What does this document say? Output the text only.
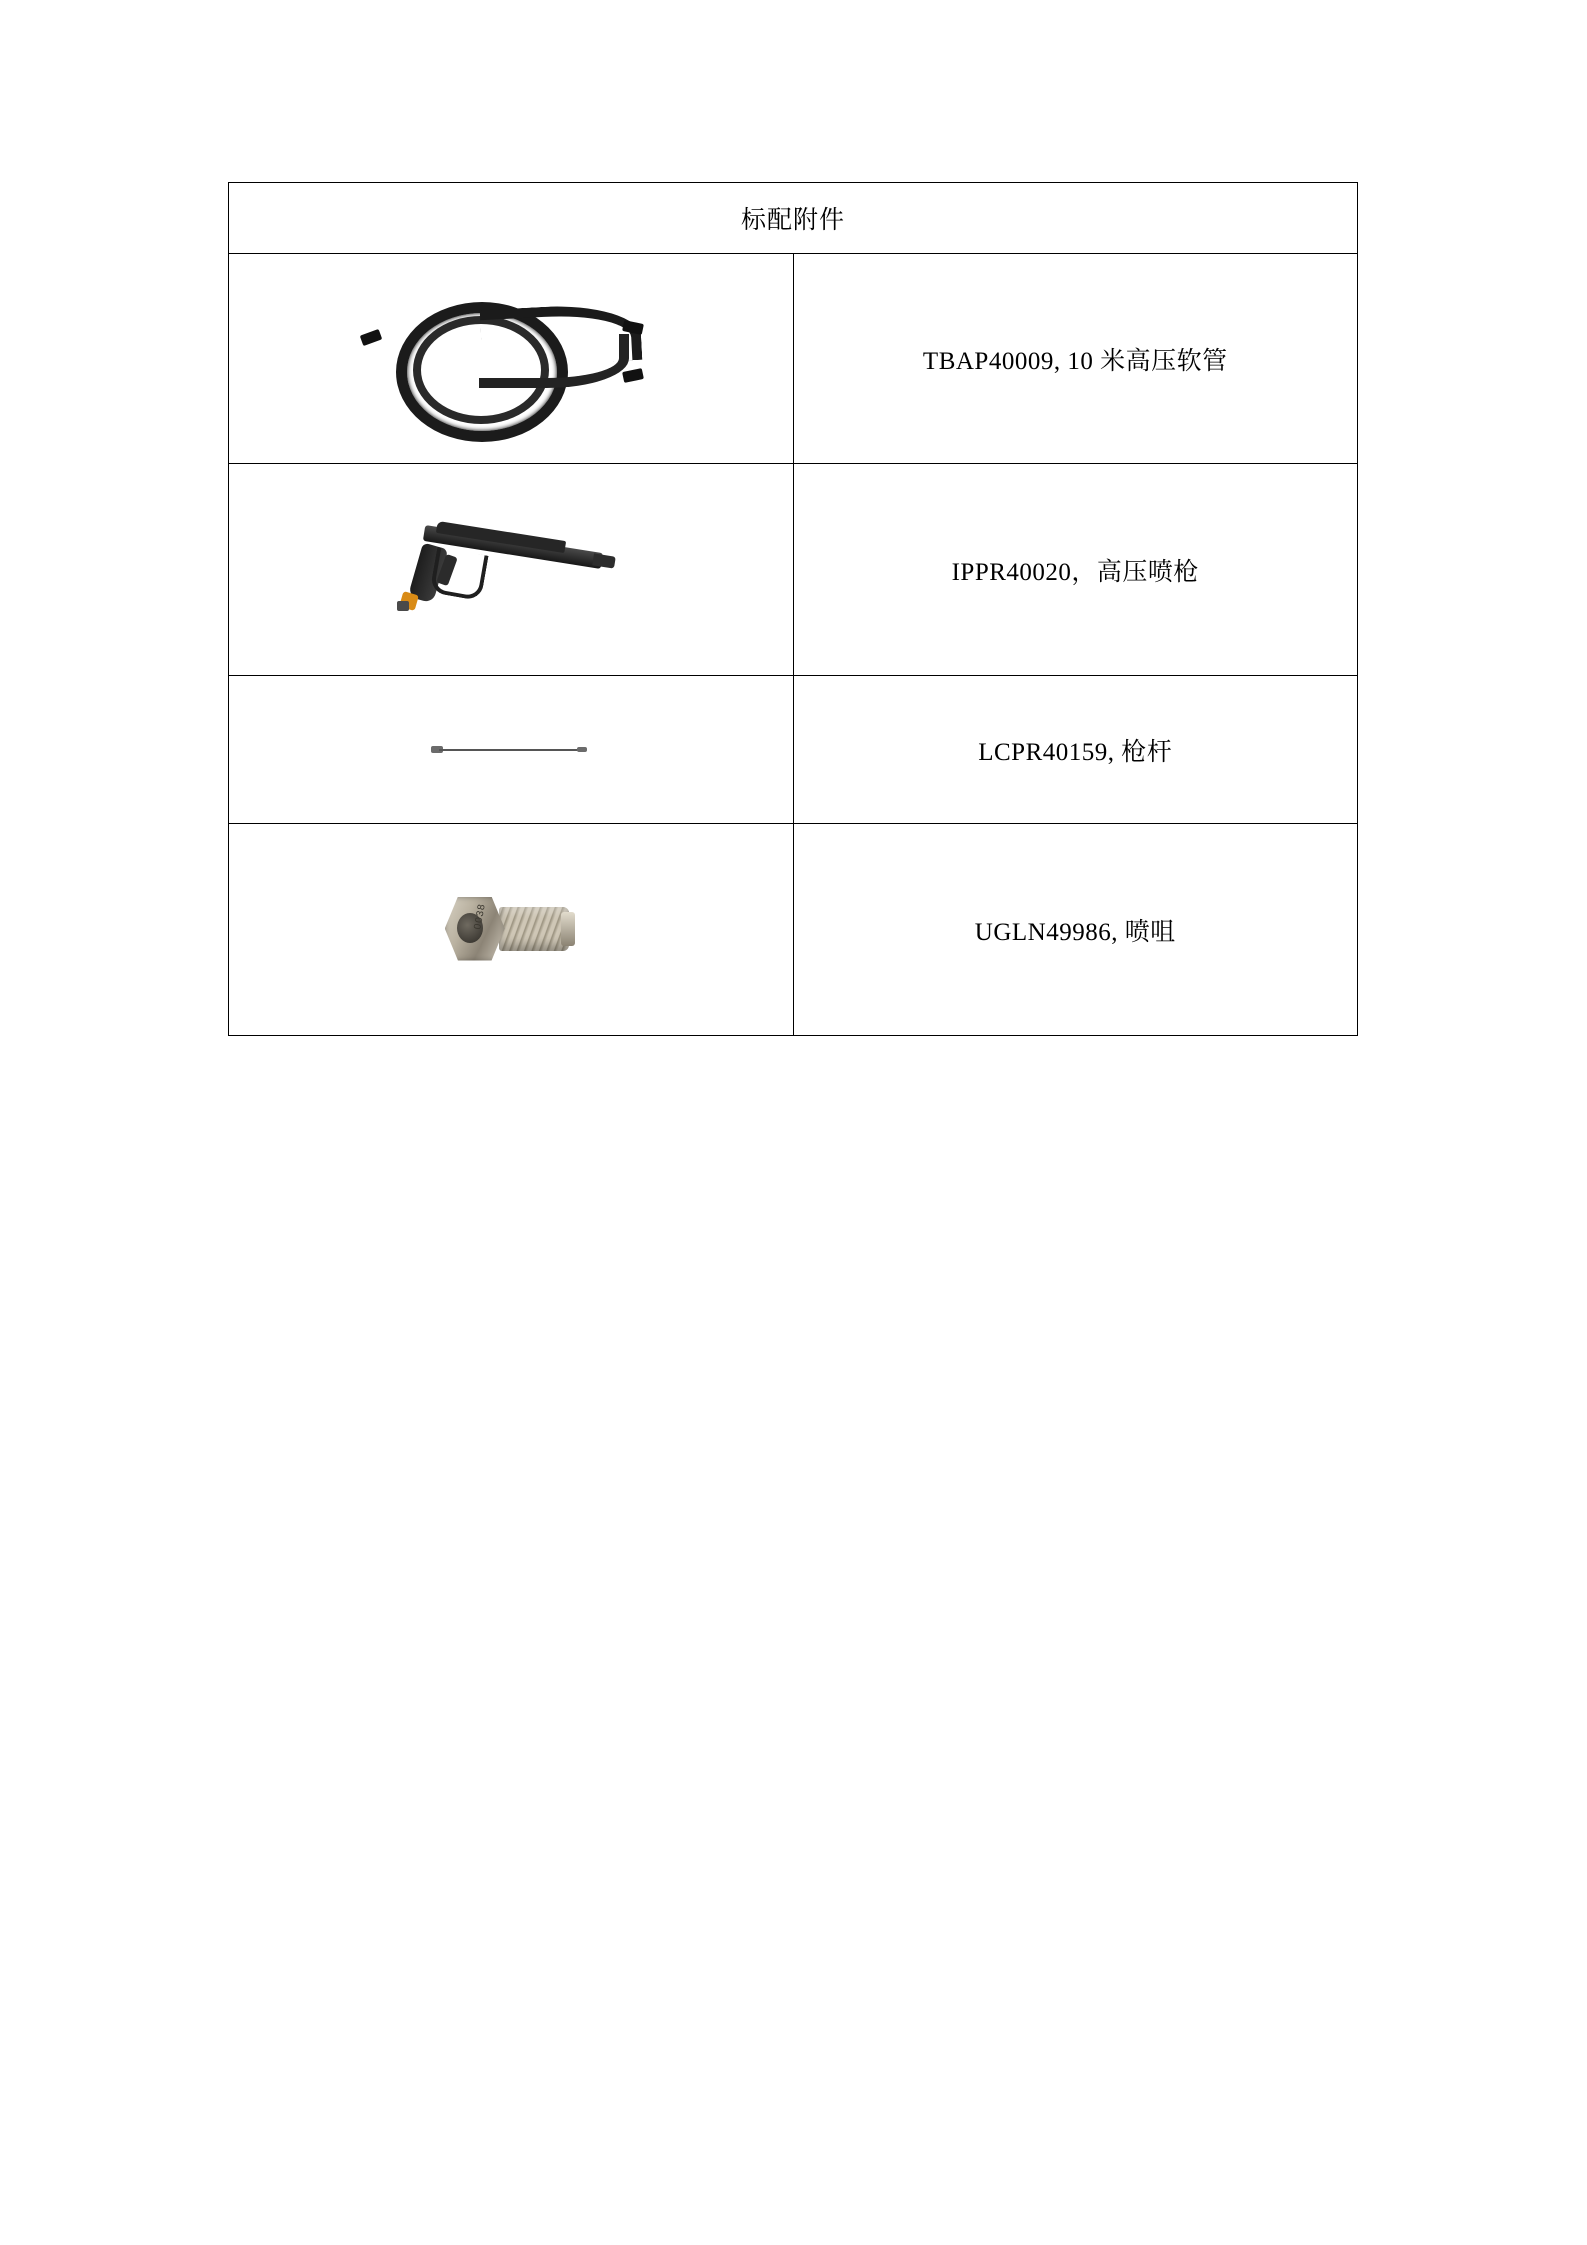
标配附件	

	TBAP40009, 10 米高压软管

	IPPR40020，高压喷枪

	LCPR40159, 枪杆

0038	UGLN49986, 喷咀
